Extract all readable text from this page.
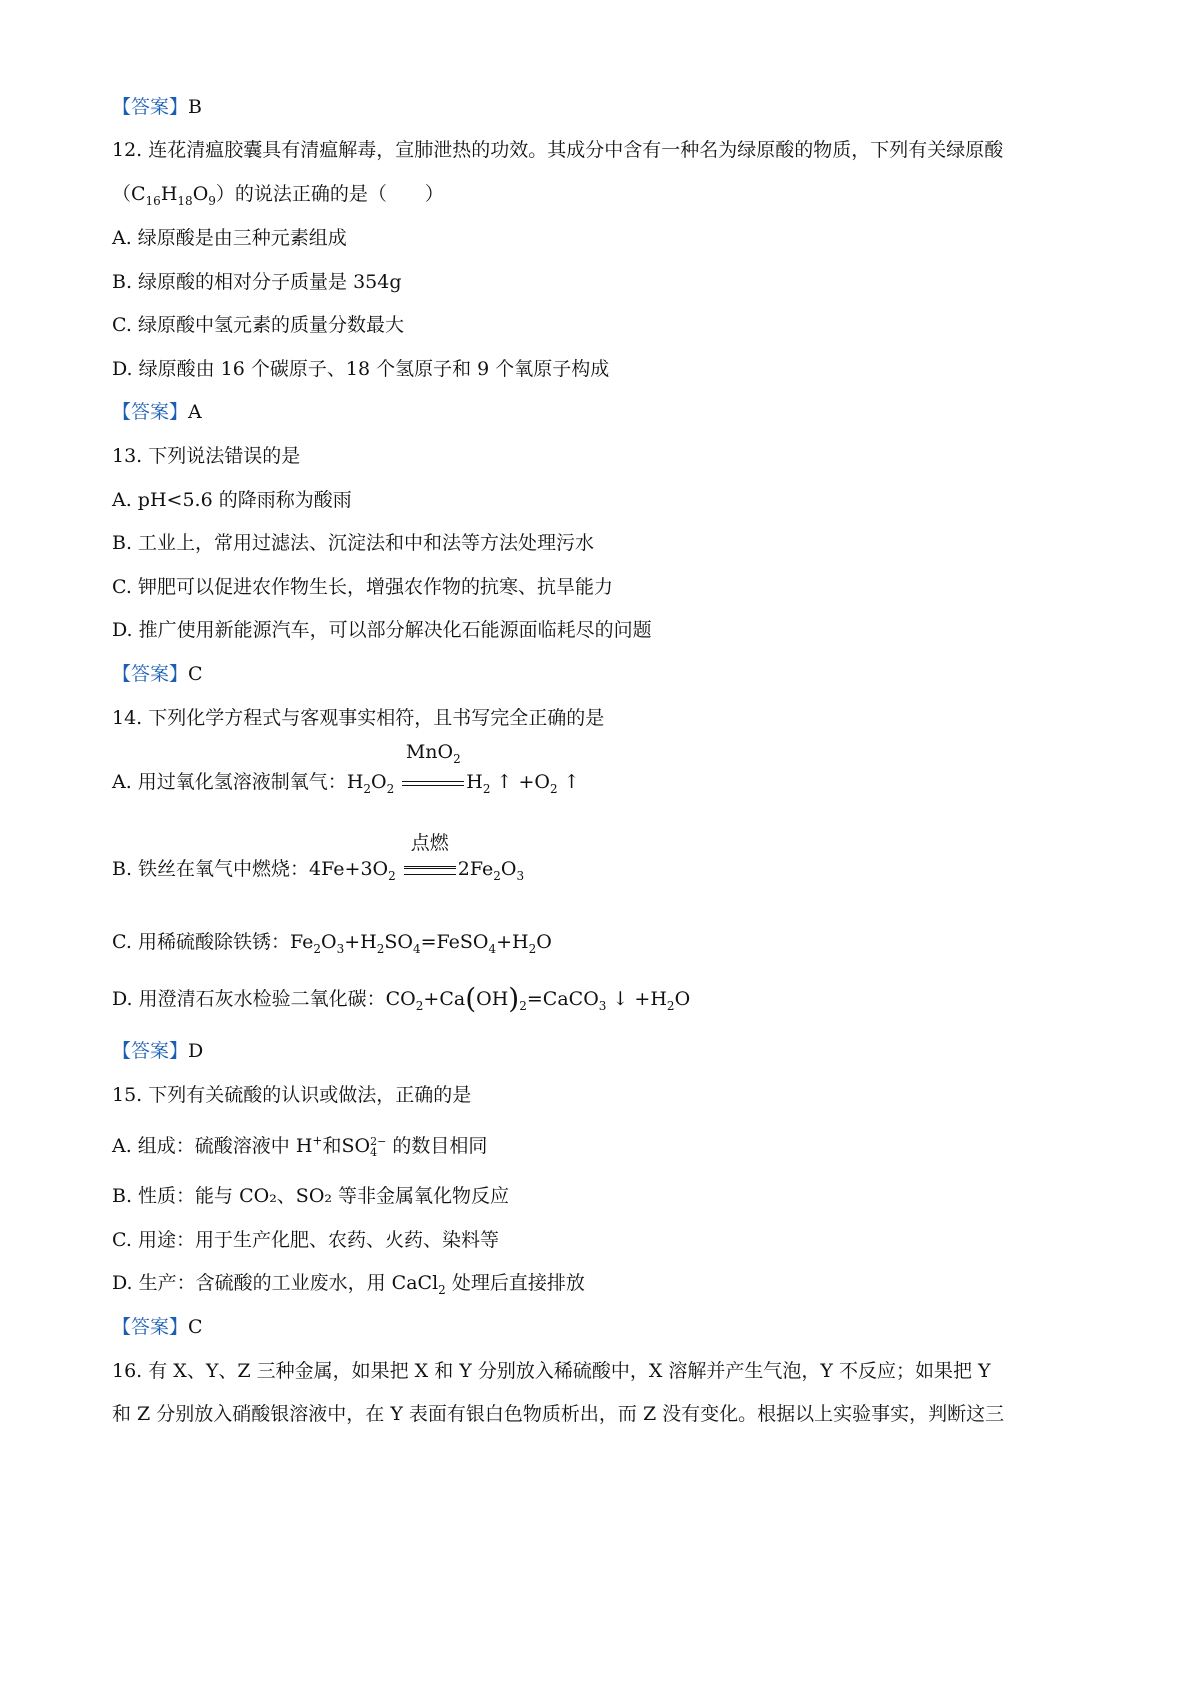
【答案】B
12. 连花清瘟胶囊具有清瘟解毒，宣肺泄热的功效。其成分中含有一种名为绿原酸的物质，下列有关绿原酸
$(C_{16}H_{18}O_9)$的说法正确的是（　　）
A. 绿原酸是由三种元素组成
B. 绿原酸的相对分子质量是 354g
C. 绿原酸中氢元素的质量分数最大
D. 绿原酸由 16 个碳原子、18 个氢原子和 9 个氧原子构成
【答案】A
13. 下列说法错误的是
A. pH<5.6 的降雨称为酸雨
B. 工业上，常用过滤法、沉淀法和中和法等方法处理污水
C. 钾肥可以促进农作物生长，增强农作物的抗寒、抗旱能力
D. 推广使用新能源汽车，可以部分解决化石能源面临耗尽的问题
【答案】C
14. 下列化学方程式与客观事实相符，且书写完全正确的是
A. 用过氧化氢溶液制氧气：$H_2O_2$
MnO$_2$
$H_2$ ↑ $+O_2$ ↑
B. 铁丝在氧气中燃烧：$4Fe+3O_2$
点燃
$2Fe_2O_3$
C. 用稀硫酸除铁锈：$Fe_2O_3+H_2SO_4=FeSO_4+H_2O$
D. 用澄清石灰水检验二氧化碳：$CO_2+Ca(OH)_2=CaCO_3$ ↓ $+H_2O$
【答案】D
15. 下列有关硫酸的认识或做法，正确的是
A. 组成：硫酸溶液中 H+和SO 2−
4 的数目相同
B. 性质：能与 CO₂、SO₂ 等非金属氧化物反应
C. 用途：用于生产化肥、农药、火药、染料等
D. 生产：含硫酸的工业废水，用 CaCl$_2$ 处理后直接排放
【答案】C
16. 有 X、Y、Z 三种金属，如果把 X 和 Y 分别放入稀硫酸中，X 溶解并产生气泡，Y 不反应；如果把 Y
和 Z 分别放入硝酸银溶液中，在 Y 表面有银白色物质析出，而 Z 没有变化。根据以上实验事实，判断这三
